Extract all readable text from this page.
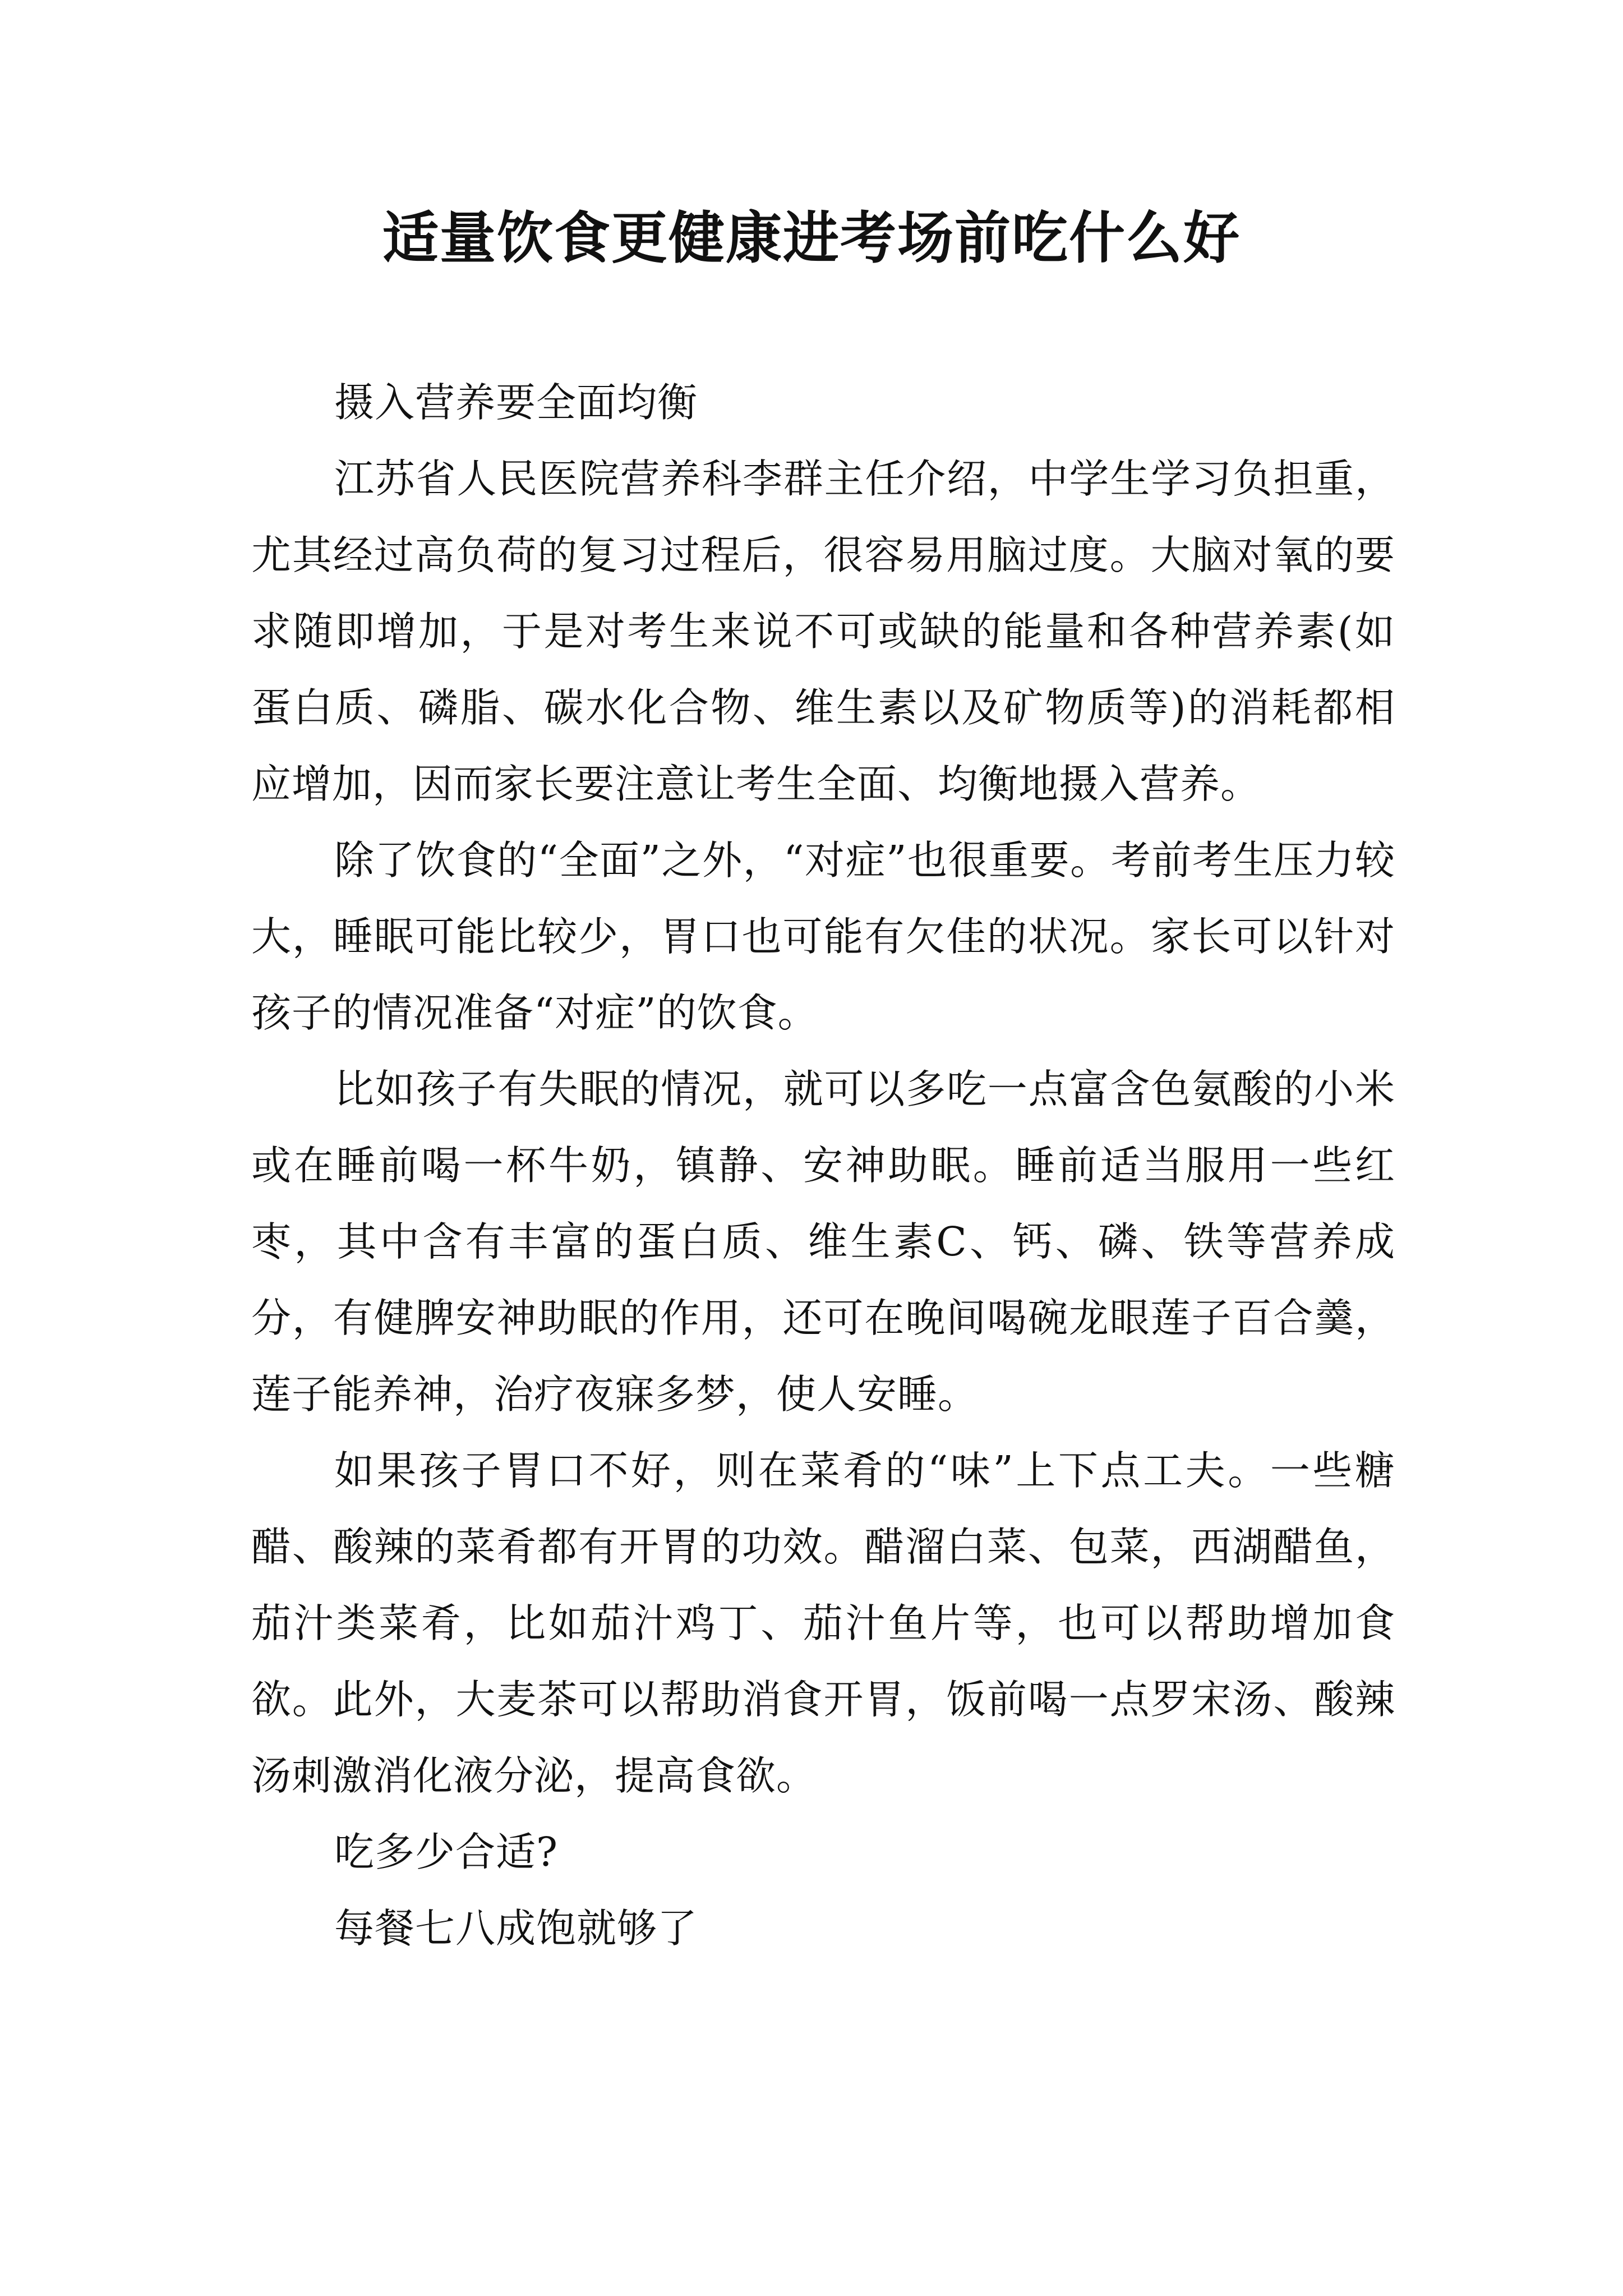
适量饮食更健康进考场前吃什么好

摄入营养要全面均衡

江苏省人民医院营养科李群主任介绍，中学生学习负担重，尤其经过高负荷的复习过程后，很容易用脑过度。大脑对氧的要求随即增加，于是对考生来说不可或缺的能量和各种营养素(如蛋白质、磷脂、碳水化合物、维生素以及矿物质等)的消耗都相应增加，因而家长要注意让考生全面、均衡地摄入营养。

除了饮食的“全面”之外，“对症”也很重要。考前考生压力较大，睡眠可能比较少，胃口也可能有欠佳的状况。家长可以针对孩子的情况准备“对症”的饮食。

比如孩子有失眠的情况，就可以多吃一点富含色氨酸的小米或在睡前喝一杯牛奶，镇静、安神助眠。睡前适当服用一些红枣，其中含有丰富的蛋白质、维生素C、钙、磷、铁等营养成分，有健脾安神助眠的作用，还可在晚间喝碗龙眼莲子百合羹，莲子能养神，治疗夜寐多梦，使人安睡。

如果孩子胃口不好，则在菜肴的“味”上下点工夫。一些糖醋、酸辣的菜肴都有开胃的功效。醋溜白菜、包菜，西湖醋鱼，茄汁类菜肴，比如茄汁鸡丁、茄汁鱼片等，也可以帮助增加食欲。此外，大麦茶可以帮助消食开胃，饭前喝一点罗宋汤、酸辣汤刺激消化液分泌，提高食欲。

吃多少合适?

每餐七八成饱就够了
